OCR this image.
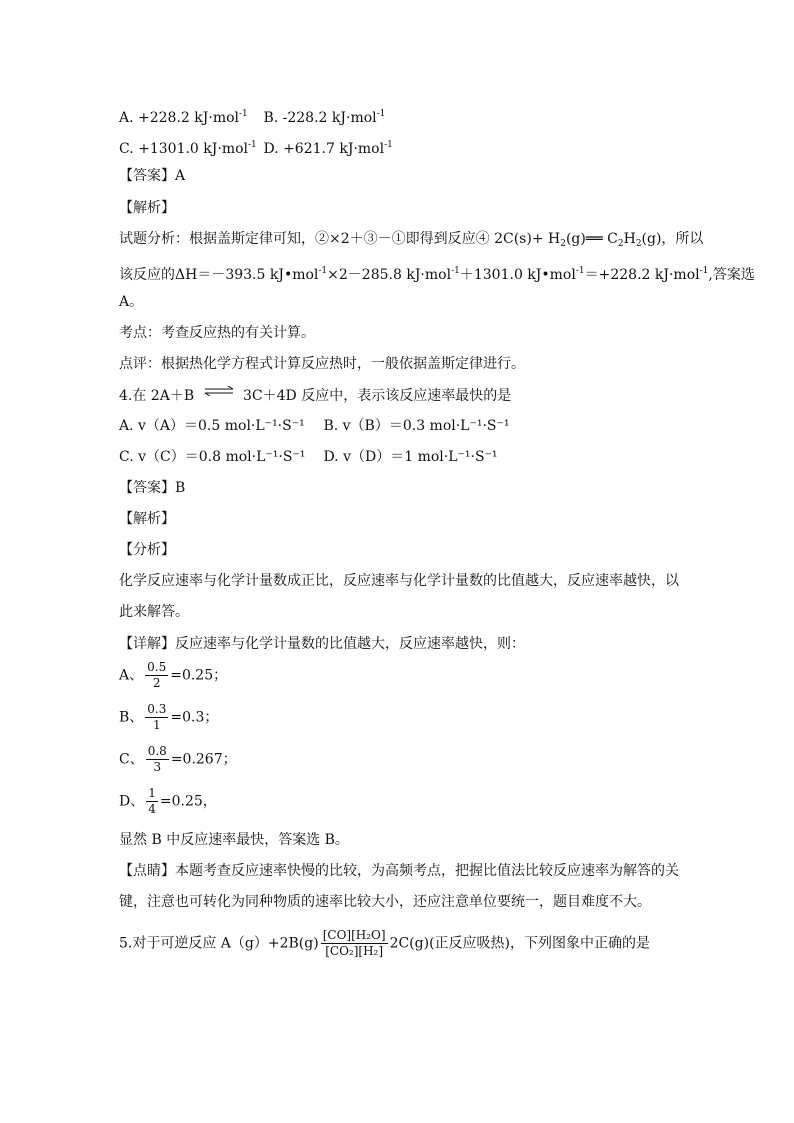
A. +228.2 kJ·mol$^{-1}$ B. -228.2 kJ·mol$^{-1}$
C. +1301.0 kJ·mol$^{-1}$ D. +621.7 kJ·mol$^{-1}$
【答案】A
【解析】
试题分析：根据盖斯定律可知，②×2＋③－①即得到反应④ $2C(s)+ H_2(g)══$ $C_2H_2(g)$，所以
该反应的ΔH＝－393.5 kJ•mol$^{-1}$×2－285.8 kJ·mol$^{-1}$＋1301.0 kJ•mol$^{-1}$＝+228.2 kJ·mol$^{-1}$,答案选
A。
考点：考查反应热的有关计算。
点评：根据热化学方程式计算反应热时，一般依据盖斯定律进行。
4.在 2A＋B ⇌ 3C＋4D 反应中，表示该反应速率最快的是
A. v（A）＝0.5 mol·L⁻¹·S⁻¹ B. v（B）＝0.3 mol·L⁻¹·S⁻¹
C. v（C）＝0.8 mol·L⁻¹·S⁻¹ D. v（D）＝1 mol·L⁻¹·S⁻¹
【答案】B
【解析】
【分析】
化学反应速率与化学计量数成正比，反应速率与化学计量数的比值越大，反应速率越快，以
此来解答。
【详解】反应速率与化学计量数的比值越大，反应速率越快，则：
A、 $\frac{0.5}{2} =0.25$；
B、 $\frac{0.3}{1} =0.3$；
C、 $\frac{0.8}{3} =0.267$；
D、 $\frac{1}{4} =0.25$，
显然 B 中反应速率最快，答案选 B。
【点睛】本题考查反应速率快慢的比较，为高频考点，把握比值法比较反应速率为解答的关
键，注意也可转化为同种物质的速率比较大小，还应注意单位要统一，题目难度不大。
5.对于可逆反应 $A(g)+2B(g) \frac{\text{[CO][H₂O]}}{\text{[CO₂][H₂]}} 2C(g)$(正反应吸热)，下列图象中正确的是
